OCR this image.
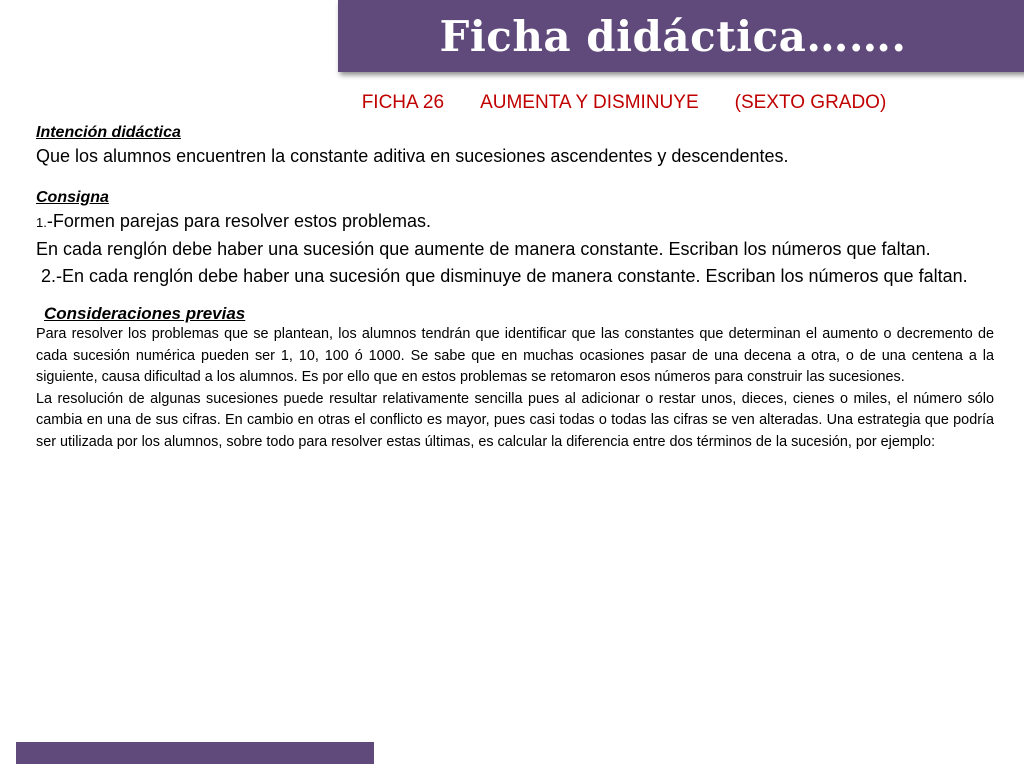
Ficha didáctica…….
FICHA 26 AUMENTA Y DISMINUYE (SEXTO GRADO)
Intención didáctica

Que los alumnos encuentren la constante aditiva en sucesiones ascendentes y descendentes.

Consigna

1.-Formen parejas para resolver estos problemas.

En cada renglón debe haber una sucesión que aumente de manera constante. Escriban los números que faltan.

2.-En cada renglón debe haber una sucesión que disminuye de manera constante. Escriban los números que faltan.

Consideraciones previas

Para resolver los problemas que se plantean, los alumnos tendrán que identificar que las constantes que determinan el aumento o decremento de cada sucesión numérica pueden ser 1, 10, 100 ó 1000. Se sabe que en muchas ocasiones pasar de una decena a otra, o de una centena a la siguiente, causa dificultad a los alumnos. Es por ello que en estos problemas se retomaron esos números para construir las sucesiones.

La resolución de algunas sucesiones puede resultar relativamente sencilla pues al adicionar o restar unos, dieces, cienes o miles, el número sólo cambia en una de sus cifras. En cambio en otras el conflicto es mayor, pues casi todas o todas las cifras se ven alteradas. Una estrategia que podría ser utilizada por los alumnos, sobre todo para resolver estas últimas, es calcular la diferencia entre dos términos de la sucesión, por ejemplo:
